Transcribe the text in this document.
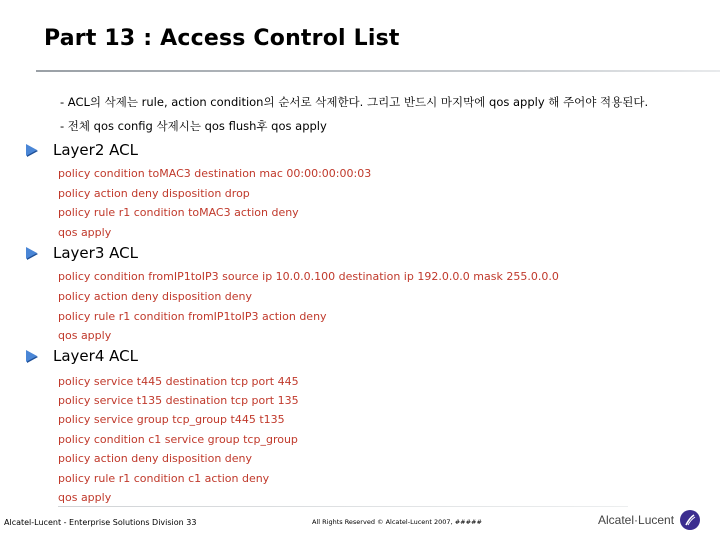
Part 13 : Access Control List
- ACL의 삭제는 rule, action condition의 순서로 삭제한다. 그리고 반드시 마지막에 qos apply 해 주어야 적용된다.
- 전체 qos config 삭제시는 qos flush후 qos apply
Layer2 ACL
policy condition toMAC3 destination mac 00:00:00:00:03
policy action deny disposition drop
policy rule r1 condition toMAC3 action deny
qos apply
Layer3 ACL
policy condition fromIP1toIP3 source ip 10.0.0.100 destination ip 192.0.0.0 mask 255.0.0.0
policy action deny disposition deny
policy rule r1 condition fromIP1toIP3 action deny
qos apply
Layer4 ACL
policy service t445 destination tcp port 445
policy service t135 destination tcp port 135
policy service group tcp_group t445 t135
policy condition c1 service group tcp_group
policy action deny disposition deny
policy rule r1 condition c1 action deny
qos apply
Alcatel-Lucent - Enterprise Solutions Division 33	All Rights Reserved © Alcatel-Lucent 2007, #####	Alcatel·Lucent
